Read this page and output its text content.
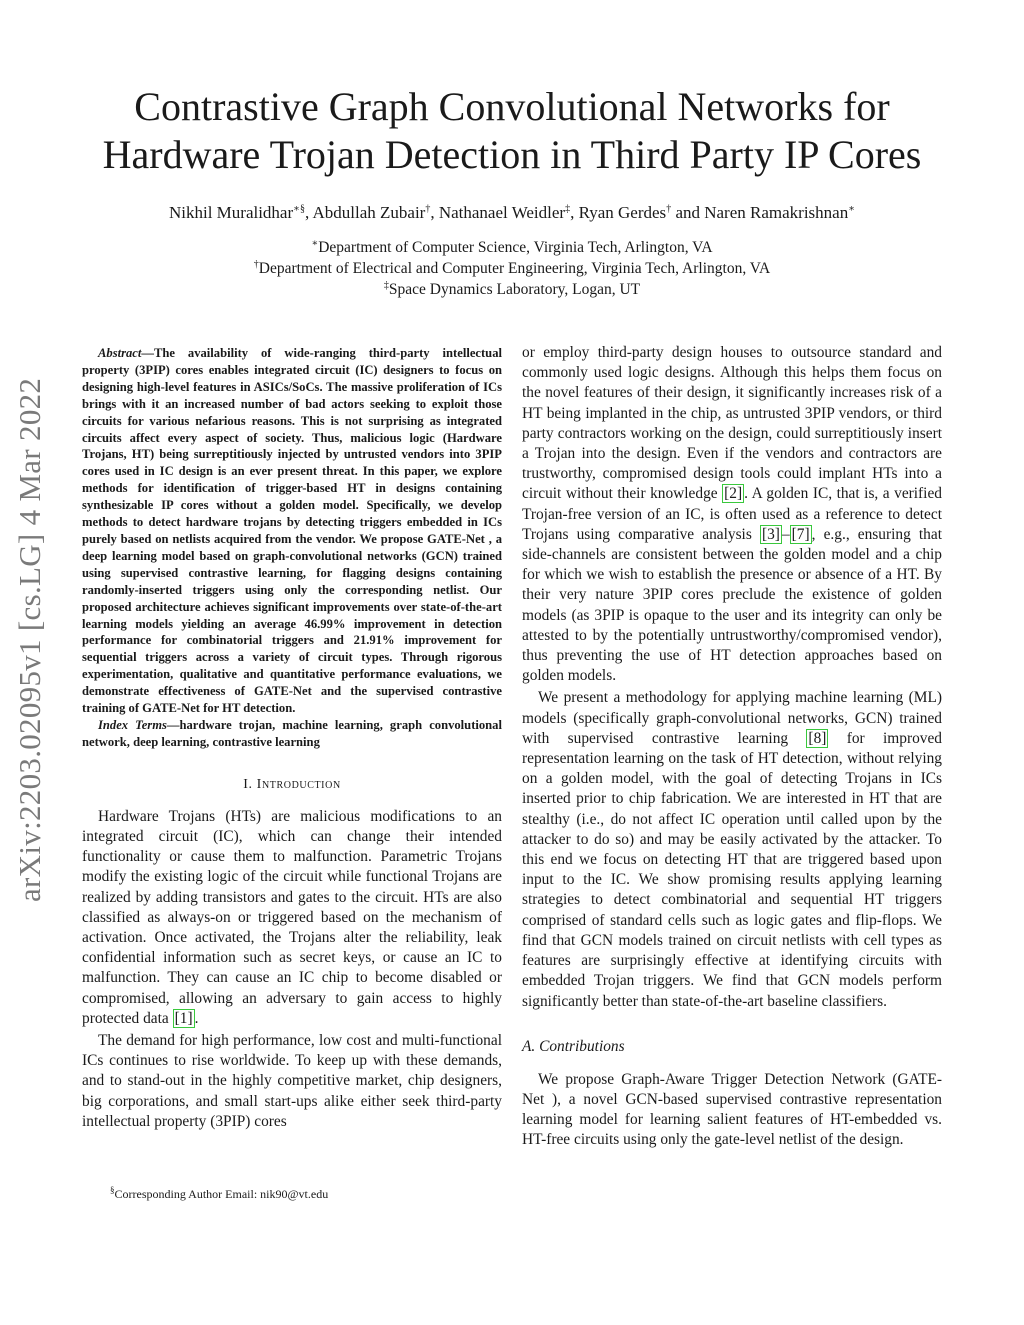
Contrastive Graph Convolutional Networks for
Hardware Trojan Detection in Third Party IP Cores
Nikhil Muralidhar∗§, Abdullah Zubair†, Nathanael Weidler‡, Ryan Gerdes† and Naren Ramakrishnan∗
∗Department of Computer Science, Virginia Tech, Arlington, VA
†Department of Electrical and Computer Engineering, Virginia Tech, Arlington, VA
‡Space Dynamics Laboratory, Logan, UT
arXiv:2203.02095v1 [cs.LG] 4 Mar 2022

Abstract—The availability of wide-ranging third-party intellectual property (3PIP) cores enables integrated circuit (IC) designers to focus on designing high-level features in ASICs/SoCs. The massive proliferation of ICs brings with it an increased number of bad actors seeking to exploit those circuits for various nefarious reasons. This is not surprising as integrated circuits affect every aspect of society. Thus, malicious logic (Hardware Trojans, HT) being surreptitiously injected by untrusted vendors into 3PIP cores used in IC design is an ever present threat. In this paper, we explore methods for identification of trigger-based HT in designs containing synthesizable IP cores without a golden model. Specifically, we develop methods to detect hardware trojans by detecting triggers embedded in ICs purely based on netlists acquired from the vendor. We propose GATE-Net , a deep learning model based on graph-convolutional networks (GCN) trained using supervised contrastive learning, for flagging designs containing randomly-inserted triggers using only the corresponding netlist. Our proposed architecture achieves significant improvements over state-of-the-art learning models yielding an average 46.99% improvement in detection performance for combinatorial triggers and 21.91% improvement for sequential triggers across a variety of circuit types. Through rigorous experimentation, qualitative and quantitative performance evaluations, we demonstrate effectiveness of GATE-Net and the supervised contrastive training of GATE-Net for HT detection.

Index Terms—hardware trojan, machine learning, graph convolutional network, deep learning, contrastive learning

I. Introduction

Hardware Trojans (HTs) are malicious modifications to an integrated circuit (IC), which can change their intended functionality or cause them to malfunction. Parametric Trojans modify the existing logic of the circuit while functional Trojans are realized by adding transistors and gates to the circuit. HTs are also classified as always-on or triggered based on the mechanism of activation. Once activated, the Trojans alter the reliability, leak confidential information such as secret keys, or cause an IC to malfunction. They can cause an IC chip to become disabled or compromised, allowing an adversary to gain access to highly protected data [1] .

The demand for high performance, low cost and multi-functional ICs continues to rise worldwide. To keep up with these demands, and to stand-out in the highly competitive market, chip designers, big corporations, and small start-ups alike either seek third-party intellectual property (3PIP) cores

or employ third-party design houses to outsource standard and commonly used logic designs. Although this helps them focus on the novel features of their design, it significantly increases risk of a HT being implanted in the chip, as untrusted 3PIP vendors, or third party contractors working on the design, could surreptitiously insert a Trojan into the design. Even if the vendors and contractors are trustworthy, compromised design tools could implant HTs into a circuit without their knowledge [2] . A golden IC, that is, a verified Trojan-free version of an IC, is often used as a reference to detect Trojans using comparative analysis [3] – [7] , e.g., ensuring that side-channels are consistent between the golden model and a chip for which we wish to establish the presence or absence of a HT. By their very nature 3PIP cores preclude the existence of golden models (as 3PIP is opaque to the user and its integrity can only be attested to by the potentially untrustworthy/compromised vendor), thus preventing the use of HT detection approaches based on golden models.

We present a methodology for applying machine learning (ML) models (specifically graph-convolutional networks, GCN) trained with supervised contrastive learning [8] for improved representation learning on the task of HT detection, without relying on a golden model, with the goal of detecting Trojans in ICs inserted prior to chip fabrication. We are interested in HT that are stealthy (i.e., do not affect IC operation until called upon by the attacker to do so) and may be easily activated by the attacker. To this end we focus on detecting HT that are triggered based upon input to the IC. We show promising results applying learning strategies to detect combinatorial and sequential HT triggers comprised of standard cells such as logic gates and flip-flops. We find that GCN models trained on circuit netlists with cell types as features are surprisingly effective at identifying circuits with embedded Trojan triggers. We find that GCN models perform significantly better than state-of-the-art baseline classifiers.

A. Contributions

We propose Graph-Aware Trigger Detection Network (GATE-Net ), a novel GCN-based supervised contrastive representation learning model for learning salient features of HT-embedded vs. HT-free circuits using only the gate-level netlist of the design.

§Corresponding Author Email: nik90@vt.edu
